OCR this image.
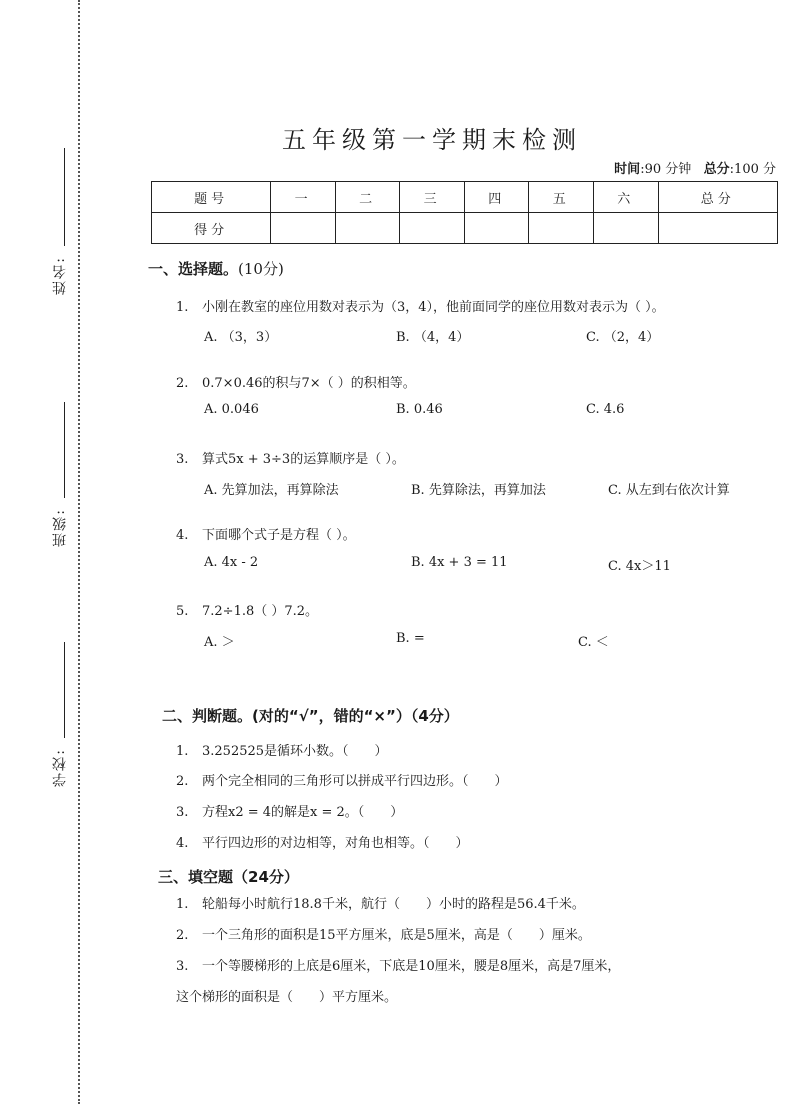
姓名:
班级:
学校:
五年级第一学期末检测
时间:90 分钟 总分:100 分
题号	一	二	三	四	五	六	总分
得分							
一、选择题。(10分)
1. 小刚在教室的座位用数对表示为（3，4），他前面同学的座位用数对表示为（ ）。
A. （3，3）	B. （4，4）	C. （2，4）
2. 0.7×0.46的积与7×（ ）的积相等。
A. 0.046	B. 0.46	C. 4.6
3. 算式5x + 3÷3的运算顺序是（ ）。
A. 先算加法，再算除法	B. 先算除法，再算加法	C. 从左到右依次计算
4. 下面哪个式子是方程（ ）。
A. 4x - 2	B. 4x + 3 = 11	C. 4x＞11
5. 7.2÷1.8（ ）7.2。
A. ＞	B. =	C. ＜
二、判断题。(对的“√”，错的“×”）（4分）
1. 3.252525是循环小数。（　　）
2. 两个完全相同的三角形可以拼成平行四边形。（　　）
3. 方程x2 = 4的解是x = 2。（　　）
4. 平行四边形的对边相等，对角也相等。（　　）
三、填空题（24分）
1. 轮船每小时航行18.8千米，航行（　　）小时的路程是56.4千米。
2. 一个三角形的面积是15平方厘米，底是5厘米，高是（　　）厘米。
3. 一个等腰梯形的上底是6厘米，下底是10厘米，腰是8厘米，高是7厘米，
这个梯形的面积是（　　）平方厘米。
